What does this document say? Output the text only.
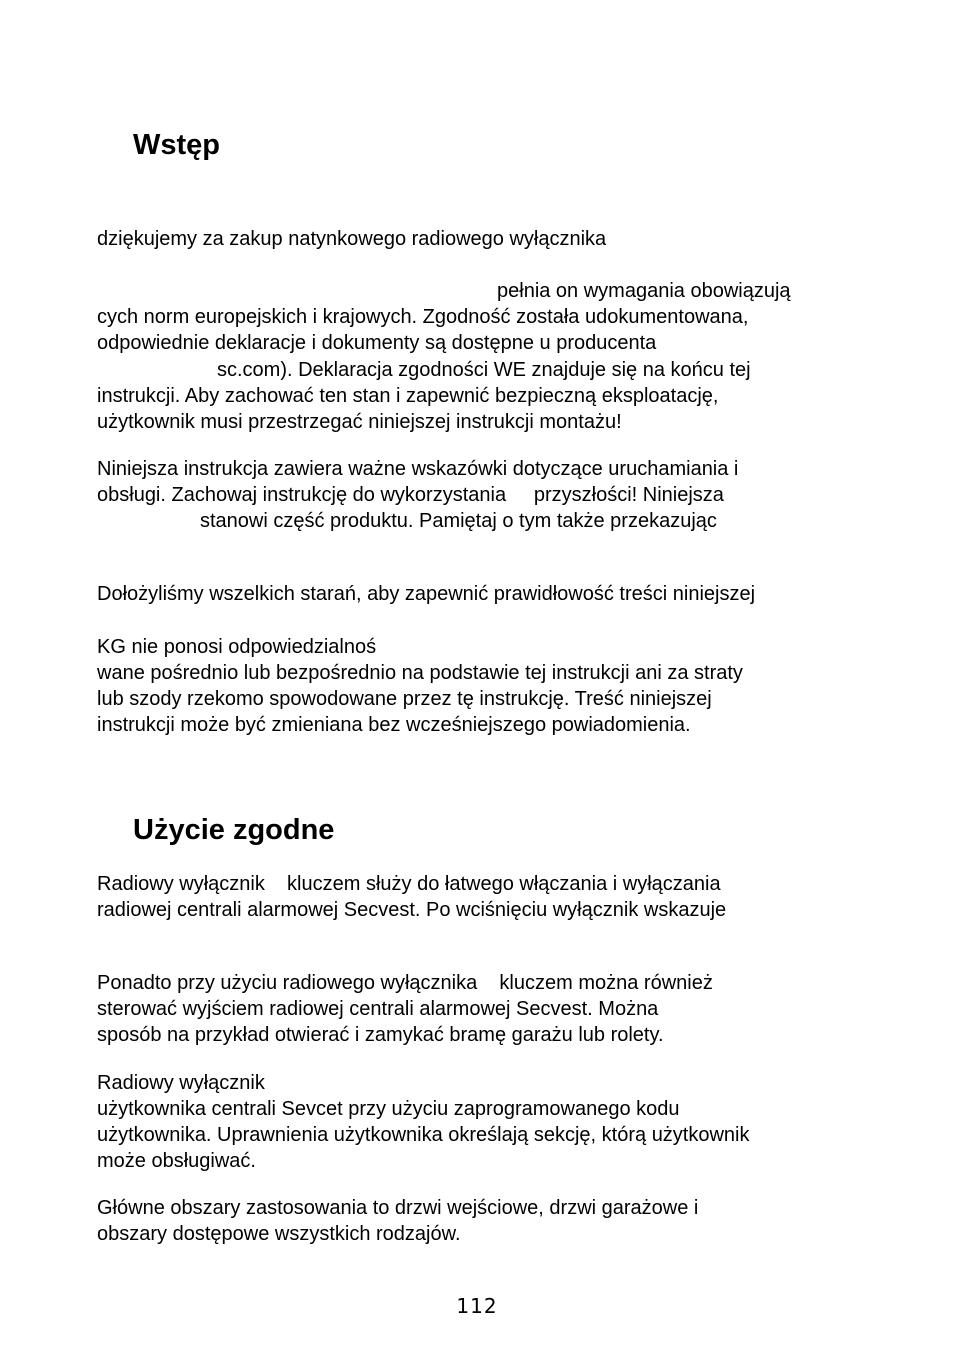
Wstęp
dziękujemy za zakup natynkowego radiowego wyłącznika
pełnia on wymagania obowiązują
cych norm europejskich i krajowych. Zgodność została udokumentowana,
odpowiednie deklaracje i dokumenty są dostępne u producenta
sc.com). Deklaracja zgodności WE znajduje się na końcu tej
instrukcji. Aby zachować ten stan i zapewnić bezpieczną eksploatację,
użytkownik musi przestrzegać niniejszej instrukcji montażu!
Niniejsza instrukcja zawiera ważne wskazówki dotyczące uruchamiania i
obsługi. Zachowaj instrukcję do wykorzystania     przyszłości! Niniejsza
stanowi część produktu. Pamiętaj o tym także przekazując
Dołożyliśmy wszelkich starań, aby zapewnić prawidłowość treści niniejszej
KG nie ponosi odpowiedzialnoś
wane pośrednio lub bezpośrednio na podstawie tej instrukcji ani za straty
lub szody rzekomo spowodowane przez tę instrukcję. Treść niniejszej
instrukcji może być zmieniana bez wcześniejszego powiadomienia.
Użycie zgodne
Radiowy wyłącznik    kluczem służy do łatwego włączania i wyłączania
radiowej centrali alarmowej Secvest. Po wciśnięciu wyłącznik wskazuje
Ponadto przy użyciu radiowego wyłącznika    kluczem można również
sterować wyjściem radiowej centrali alarmowej Secvest. Można
sposób na przykład otwierać i zamykać bramę garażu lub rolety.
Radiowy wyłącznik
użytkownika centrali Sevcet przy użyciu zaprogramowanego kodu
użytkownika. Uprawnienia użytkownika określają sekcję, którą użytkownik
może obsługiwać.
Główne obszary zastosowania to drzwi wejściowe, drzwi garażowe i
obszary dostępowe wszystkich rodzajów.
112
